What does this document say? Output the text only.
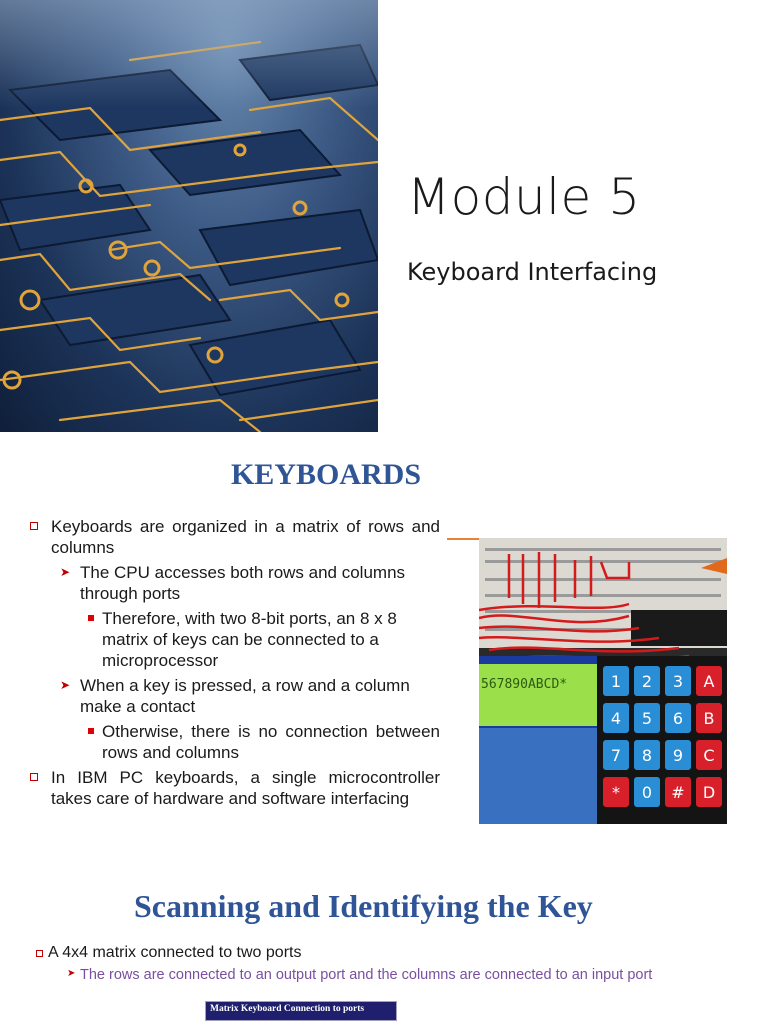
Module 5
Keyboard Interfacing
KEYBOARDS
Keyboards are organized in a matrix of rows and columns
➤ The CPU accesses both rows and columns through ports
Therefore, with two 8-bit ports, an 8 x 8 matrix of keys can be connected to a microprocessor
➤ When a key is pressed, a row and a column make a contact
Otherwise, there is no connection between rows and columns
In IBM PC keyboards, a single microcontroller takes care of hardware and software interfacing
567890ABCD*	1 2 3 A
4 5 6 B
7 8 9 C
* 0 # D
Scanning and Identifying the Key
A 4x4 matrix connected to two ports
➤ The rows are connected to an output port and the columns are connected to an input port
Matrix Keyboard Connection to ports
